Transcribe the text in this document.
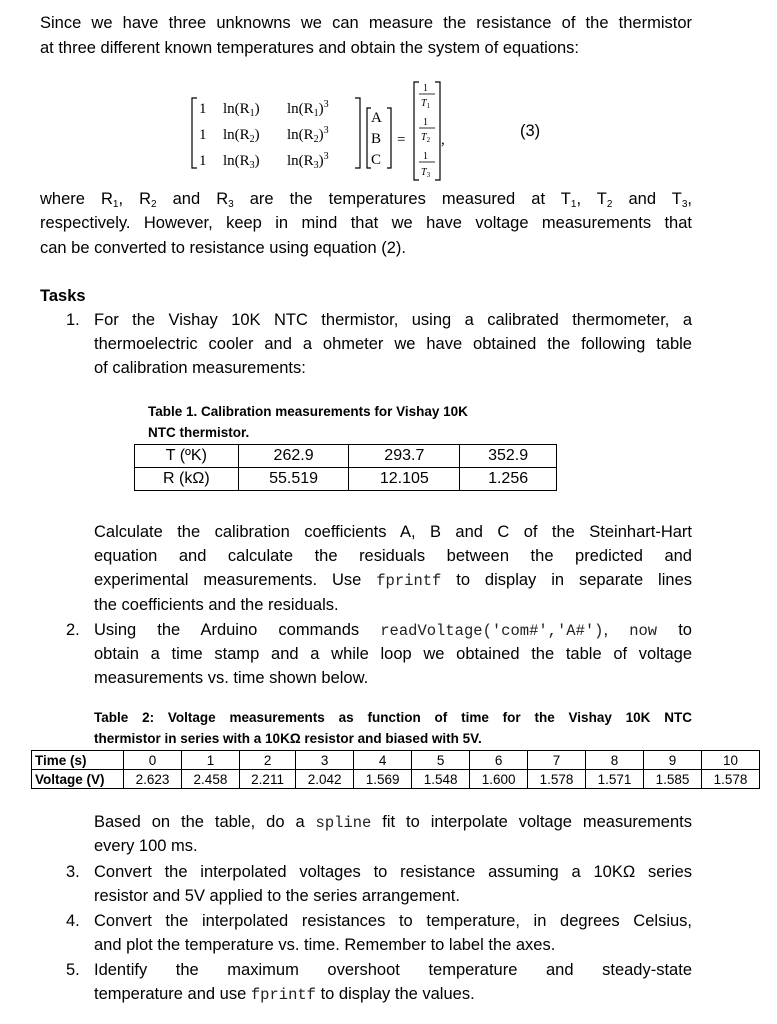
Since we have three unknowns we can measure the resistance of the thermistor
at three different known temperatures and obtain the system of equations:
1 $\ln(R_1)$ $\ln(R_1)^3$
1 $\ln(R_2)$ $\ln(R_2)^3$
1 $\ln(R_3)$ $\ln(R_3)^3$
A
B
C
=
1
$T_1$
1
$T_2$
1
$T_3$
,	(3)
where $R_1$, $R_2$ and $R_3$ are the temperatures measured at $T_1$, $T_2$ and $T_3$,
respectively. However, keep in mind that we have voltage measurements that
can be converted to resistance using equation (2).
Tasks
1. For the Vishay 10K NTC thermistor, using a calibrated thermometer, a
thermoelectric cooler and a ohmeter we have obtained the following table
of calibration measurements:
Table 1. Calibration measurements for Vishay 10K
NTC thermistor.
T (ºK)	262.9	293.7	352.9
R (kΩ)	55.519	12.105	1.256
Calculate the calibration coefficients A, B and C of the Steinhart-Hart
equation and calculate the residuals between the predicted and
experimental measurements. Use fprintf to display in separate lines
the coefficients and the residuals.
2. Using the Arduino commands readVoltage('com#','A#'), now to
obtain a time stamp and a while loop we obtained the table of voltage
measurements vs. time shown below.
Table 2: Voltage measurements as function of time for the Vishay 10K NTC
thermistor in series with a 10KΩ resistor and biased with 5V.
Time (s)	0	1	2	3	4	5	6	7	8	9	10
Voltage (V)	2.623	2.458	2.211	2.042	1.569	1.548	1.600	1.578	1.571	1.585	1.578
Based on the table, do a spline fit to interpolate voltage measurements
every 100 ms.
3. Convert the interpolated voltages to resistance assuming a 10KΩ series
resistor and 5V applied to the series arrangement.
4. Convert the interpolated resistances to temperature, in degrees Celsius,
and plot the temperature vs. time. Remember to label the axes.
5. Identify the maximum overshoot temperature and steady-state
temperature and use fprintf to display the values.
